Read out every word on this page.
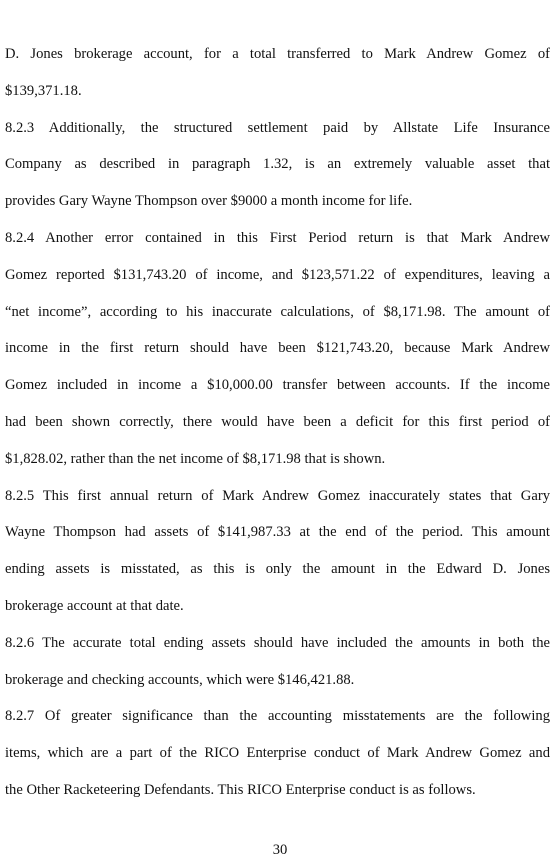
D. Jones brokerage account, for a total transferred to Mark Andrew Gomez of
$139,371.18.
8.2.3 Additionally, the structured settlement paid by Allstate Life Insurance
Company as described in paragraph 1.32, is an extremely valuable asset that
provides Gary Wayne Thompson over $9000 a month income for life.
8.2.4 Another error contained in this First Period return is that Mark Andrew
Gomez reported $131,743.20 of income, and $123,571.22 of expenditures, leaving a
“net income”, according to his inaccurate calculations, of $8,171.98. The amount of
income in the first return should have been $121,743.20, because Mark Andrew
Gomez included in income a $10,000.00 transfer between accounts. If the income
had been shown correctly, there would have been a deficit for this first period of
$1,828.02, rather than the net income of $8,171.98 that is shown.
8.2.5 This first annual return of Mark Andrew Gomez inaccurately states that Gary
Wayne Thompson had assets of $141,987.33 at the end of the period. This amount
ending assets is misstated, as this is only the amount in the Edward D. Jones
brokerage account at that date.
8.2.6 The accurate total ending assets should have included the amounts in both the
brokerage and checking accounts, which were $146,421.88.
8.2.7 Of greater significance than the accounting misstatements are the following
items, which are a part of the RICO Enterprise conduct of Mark Andrew Gomez and
the Other Racketeering Defendants. This RICO Enterprise conduct is as follows.
30
